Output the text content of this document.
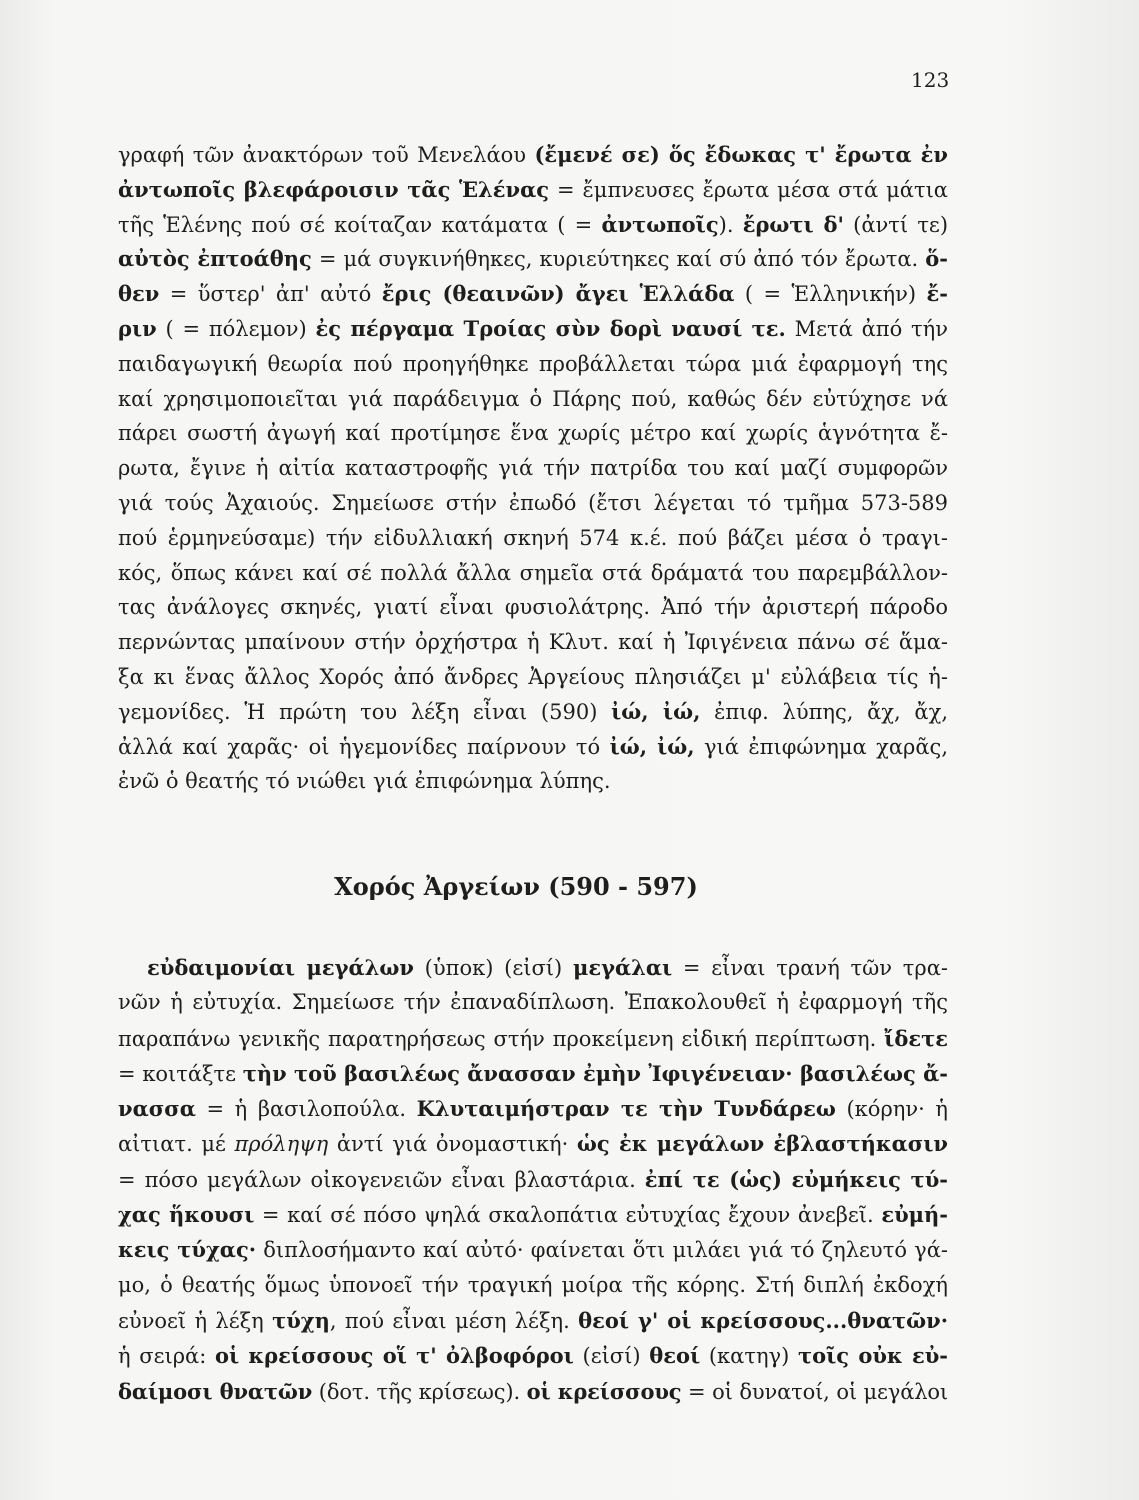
123
γραφή τῶν ἀνακτόρων τοῦ Μενελάου (ἔμενέ σε) ὅς ἔδωκας τ' ἔρωτα ἐν
ἀντωποῖς βλεφάροισιν τᾶς Ἑλένας = ἔμπνευσες ἔρωτα μέσα στά μάτια
τῆς Ἑλένης πού σέ κοίταζαν κατάματα ( = ἀντωποῖς). ἔρωτι δ' (ἀντί τε)
αὐτὸς ἐπτοάθης = μά συγκινήθηκες, κυριεύτηκες καί σύ ἀπό τόν ἔρωτα. ὅ-
θεν = ὕστερ' ἀπ' αὐτό ἔρις (θεαινῶν) ἄγει Ἑλλάδα ( = Ἑλληνικήν) ἔ-
ριν ( = πόλεμον) ἐς πέργαμα Τροίας σὺν δορὶ ναυσί τε. Μετά ἀπό τήν
παιδαγωγική θεωρία πού προηγήθηκε προβάλλεται τώρα μιά ἐφαρμογή της
καί χρησιμοποιεῖται γιά παράδειγμα ὁ Πάρης πού, καθώς δέν εὐτύχησε νά
πάρει σωστή ἀγωγή καί προτίμησε ἕνα χωρίς μέτρο καί χωρίς ἁγνότητα ἔ-
ρωτα, ἔγινε ἡ αἰτία καταστροφῆς γιά τήν πατρίδα του καί μαζί συμφορῶν
γιά τούς Ἀχαιούς. Σημείωσε στήν ἐπωδό (ἔτσι λέγεται τό τμῆμα 573-589
πού ἑρμηνεύσαμε) τήν εἰδυλλιακή σκηνή 574 κ.έ. πού βάζει μέσα ὁ τραγι-
κός, ὅπως κάνει καί σέ πολλά ἄλλα σημεῖα στά δράματά του παρεμβάλλον-
τας ἀνάλογες σκηνές, γιατί εἶναι φυσιολάτρης. Ἀπό τήν ἀριστερή πάροδο
περνώντας μπαίνουν στήν ὀρχήστρα ἡ Κλυτ. καί ἡ Ἰφιγένεια πάνω σέ ἅμα-
ξα κι ἕνας ἄλλος Χορός ἀπό ἄνδρες Ἀργείους πλησιάζει μ' εὐλάβεια τίς ἡ-
γεμονίδες. Ἡ πρώτη του λέξη εἶναι (590) ἰώ, ἰώ, ἐπιφ. λύπης, ἄχ, ἄχ,
ἀλλά καί χαρᾶς· οἱ ἡγεμονίδες παίρνουν τό ἰώ, ἰώ, γιά ἐπιφώνημα χαρᾶς,
ἐνῶ ὁ θεατής τό νιώθει γιά ἐπιφώνημα λύπης.
Χορός Ἀργείων (590 - 597)
εὐδαιμονίαι μεγάλων (ὑποκ) (εἰσί) μεγάλαι = εἶναι τρανή τῶν τρα-
νῶν ἡ εὐτυχία. Σημείωσε τήν ἐπαναδίπλωση. Ἐπακολουθεῖ ἡ ἐφαρμογή τῆς
παραπάνω γενικῆς παρατηρήσεως στήν προκείμενη εἰδική περίπτωση. ἴδετε
= κοιτάξτε τὴν τοῦ βασιλέως ἄνασσαν ἐμὴν Ἰφιγένειαν· βασιλέως ἄ-
νασσα = ἡ βασιλοπούλα. Κλυταιμήστραν τε τὴν Τυνδάρεω (κόρην· ἡ
αἰτιατ. μέ πρόληψη ἀντί γιά ὀνομαστική· ὡς ἐκ μεγάλων ἐβλαστήκασιν
= πόσο μεγάλων οἰκογενειῶν εἶναι βλαστάρια. ἐπί τε (ὡς) εὐμήκεις τύ-
χας ἥκουσι = καί σέ πόσο ψηλά σκαλοπάτια εὐτυχίας ἔχουν ἀνεβεῖ. εὐμή-
κεις τύχας· διπλοσήμαντο καί αὐτό· φαίνεται ὅτι μιλάει γιά τό ζηλευτό γά-
μο, ὁ θεατής ὅμως ὑπονοεῖ τήν τραγική μοίρα τῆς κόρης. Στή διπλή ἐκδοχή
εὐνοεῖ ἡ λέξη τύχη, πού εἶναι μέση λέξη. θεοί γ' οἱ κρείσσους...θνατῶν·
ἡ σειρά: οἱ κρείσσους οἵ τ' ὀλβοφόροι (εἰσί) θεοί (κατηγ) τοῖς οὐκ εὐ-
δαίμοσι θνατῶν (δοτ. τῆς κρίσεως). οἱ κρείσσους = οἱ δυνατοί, οἱ μεγάλοι
